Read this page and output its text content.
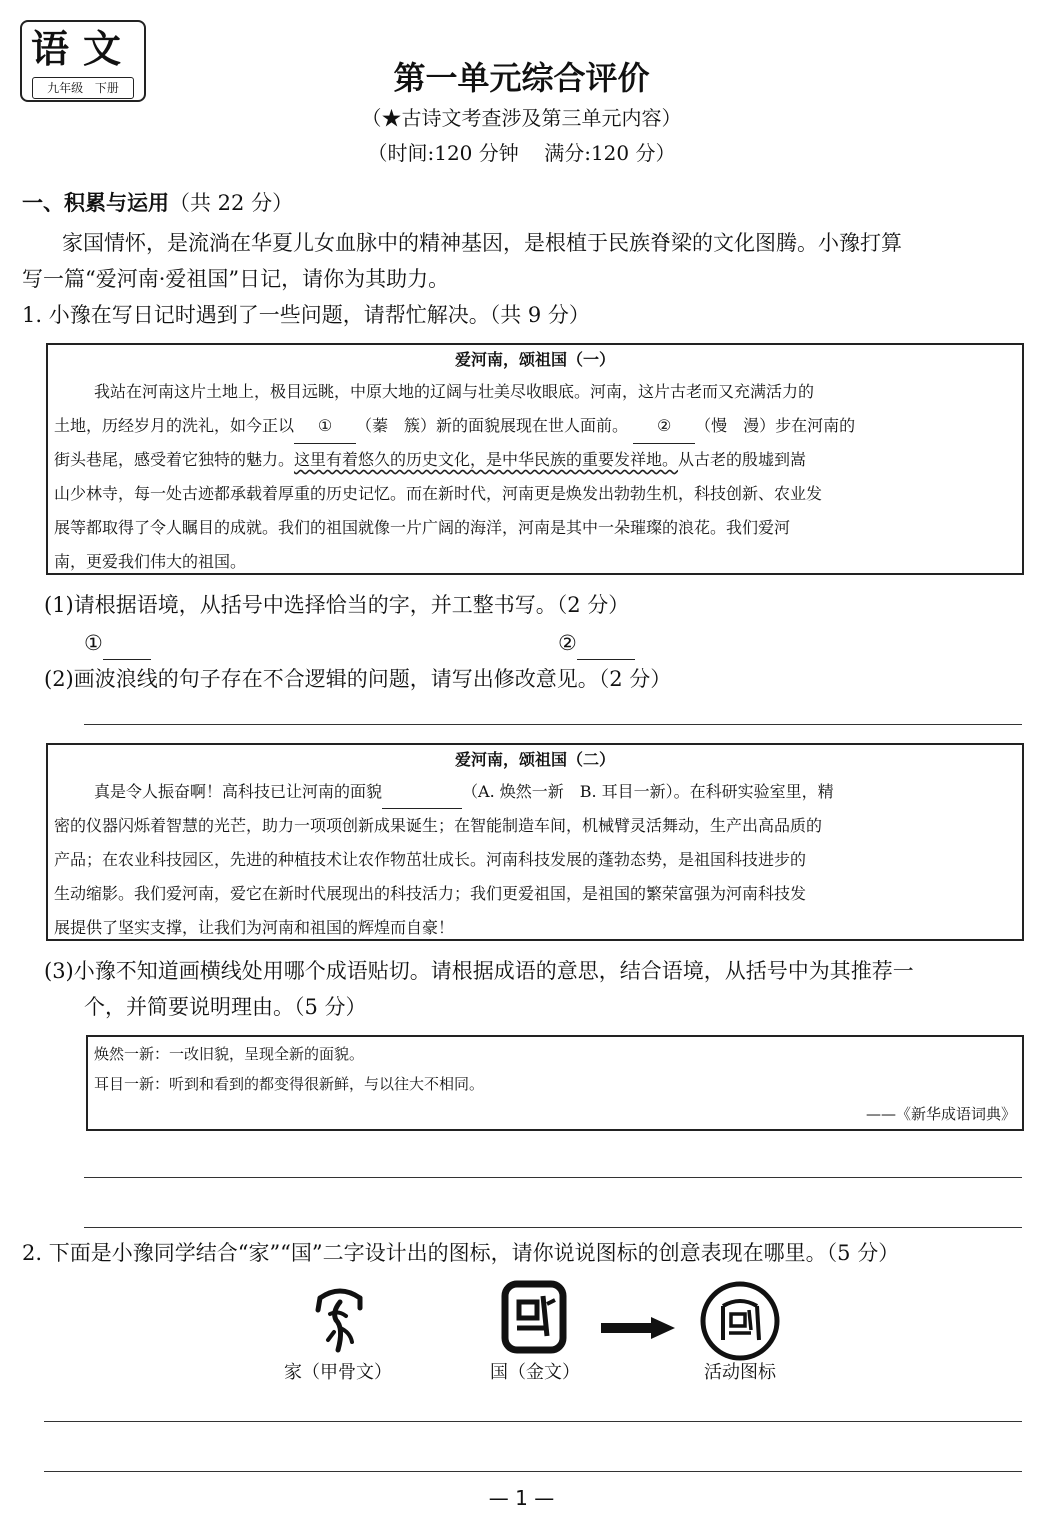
语文
九年级 下册	第一单元综合评价
（★古诗文考查涉及第三单元内容）
（时间:120 分钟 满分:120 分）
一、积累与运用（共 22 分）
家国情怀，是流淌在华夏儿女血脉中的精神基因，是根植于民族脊梁的文化图腾。小豫打算
写一篇“爱河南·爱祖国”日记，请你为其助力。
1. 小豫在写日记时遇到了一些问题，请帮忙解决。（共 9 分）
爱河南，颂祖国（一）
我站在河南这片土地上，极目远眺，中原大地的辽阔与壮美尽收眼底。河南，这片古老而又充满活力的
土地，历经岁月的洗礼，如今正以 ① （蓁　簇）新的面貌展现在世人面前。 ② （慢　漫）步在河南的
街头巷尾，感受着它独特的魅力。这里有着悠久的历史文化，是中华民族的重要发祥地。从古老的殷墟到嵩
山少林寺，每一处古迹都承载着厚重的历史记忆。而在新时代，河南更是焕发出勃勃生机，科技创新、农业发
展等都取得了令人瞩目的成就。我们的祖国就像一片广阔的海洋，河南是其中一朵璀璨的浪花。我们爱河
南，更爱我们伟大的祖国。
(1)请根据语境，从括号中选择恰当的字，并工整书写。（2 分）
①	②
(2)画波浪线的句子存在不合逻辑的问题，请写出修改意见。（2 分）
爱河南，颂祖国（二）
真是令人振奋啊！高科技已让河南的面貌	（A. 焕然一新　B. 耳目一新）。在科研实验室里，精
密的仪器闪烁着智慧的光芒，助力一项项创新成果诞生；在智能制造车间，机械臂灵活舞动，生产出高品质的
产品；在农业科技园区，先进的种植技术让农作物茁壮成长。河南科技发展的蓬勃态势，是祖国科技进步的
生动缩影。我们爱河南，爱它在新时代展现出的科技活力；我们更爱祖国，是祖国的繁荣富强为河南科技发
展提供了坚实支撑，让我们为河南和祖国的辉煌而自豪！
(3)小豫不知道画横线处用哪个成语贴切。请根据成语的意思，结合语境，从括号中为其推荐一
个，并简要说明理由。（5 分）
焕然一新：一改旧貌，呈现全新的面貌。
耳目一新：听到和看到的都变得很新鲜，与以往大不相同。
——《新华成语词典》
2. 下面是小豫同学结合“家”“国”二字设计出的图标，请你说说图标的创意表现在哪里。（5 分）
家（甲骨文）	国（金文）	活动图标
— 1 —
